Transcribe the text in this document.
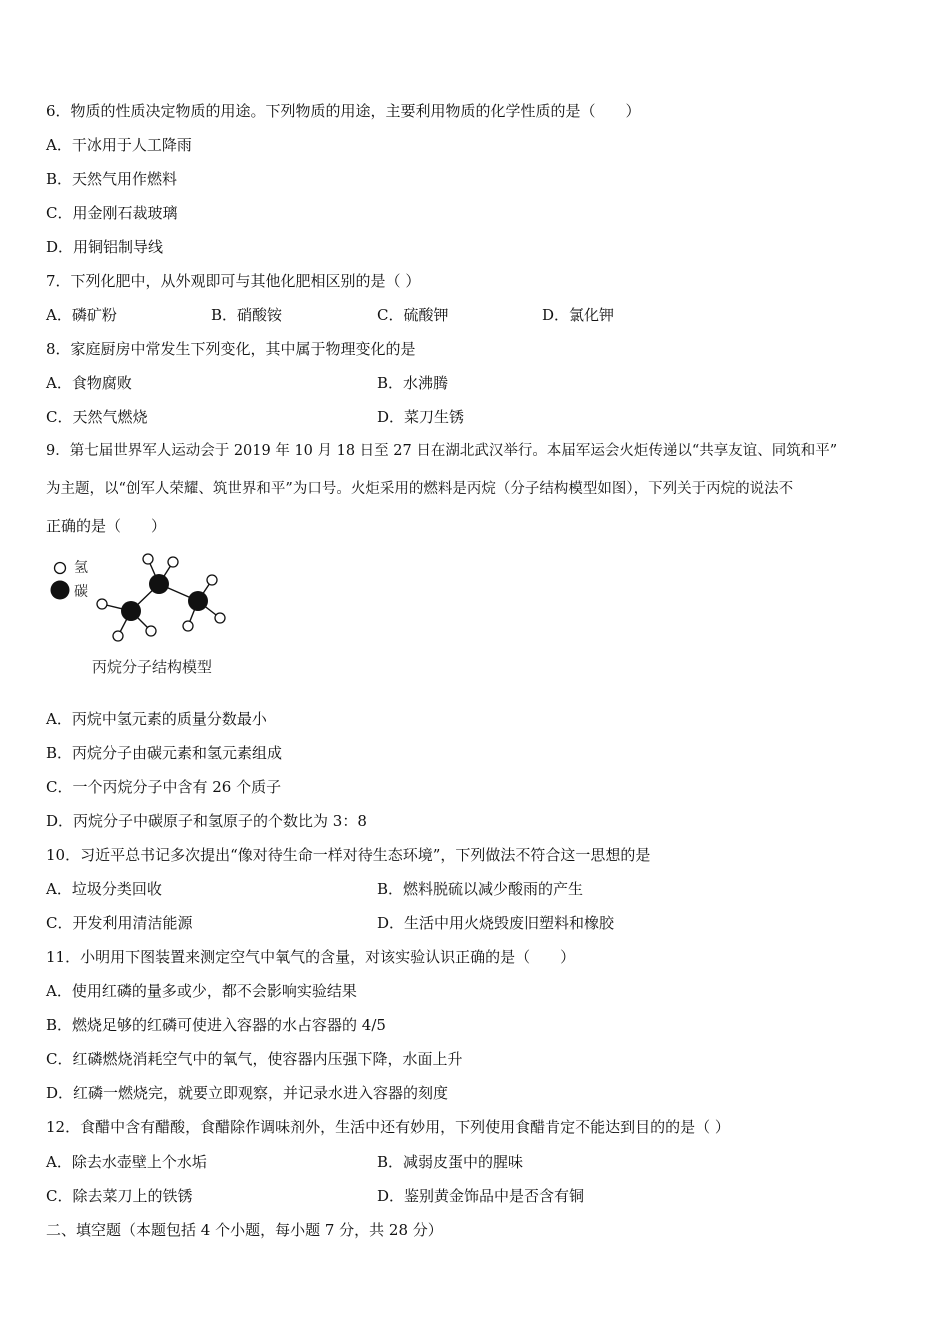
6．物质的性质决定物质的用途。下列物质的用途，主要利用物质的化学性质的是（　　）
A．干冰用于人工降雨
B．天然气用作燃料
C．用金刚石裁玻璃
D．用铜铝制导线
7．下列化肥中，从外观即可与其他化肥相区别的是（ ）
A．磷矿粉	B．硝酸铵	C．硫酸钾	D．氯化钾
8．家庭厨房中常发生下列变化，其中属于物理变化的是
A．食物腐败	B．水沸腾
C．天然气燃烧	D．菜刀生锈
9．第七届世界军人运动会于 2019 年 10 月 18 日至 27 日在湖北武汉举行。本届军运会火炬传递以“共享友谊、同筑和平”
为主题，以“创军人荣耀、筑世界和平”为口号。火炬采用的燃料是丙烷（分子结构模型如图），下列关于丙烷的说法不
正确的是（　　）
氢
碳
丙烷分子结构模型
A．丙烷中氢元素的质量分数最小
B．丙烷分子由碳元素和氢元素组成
C．一个丙烷分子中含有 26 个质子
D．丙烷分子中碳原子和氢原子的个数比为 3：8
10．习近平总书记多次提出“像对待生命一样对待生态环境”，下列做法不符合这一思想的是
A．垃圾分类回收	B．燃料脱硫以减少酸雨的产生
C．开发利用清洁能源	D．生活中用火烧毁废旧塑料和橡胶
11．小明用下图装置来测定空气中氧气的含量，对该实验认识正确的是（　　）
A．使用红磷的量多或少，都不会影响实验结果
B．燃烧足够的红磷可使进入容器的水占容器的 4/5
C．红磷燃烧消耗空气中的氧气，使容器内压强下降，水面上升
D．红磷一燃烧完，就要立即观察，并记录水进入容器的刻度
12．食醋中含有醋酸，食醋除作调味剂外，生活中还有妙用，下列使用食醋肯定不能达到目的的是（ ）
A．除去水壶壁上个水垢	B．减弱皮蛋中的腥味
C．除去菜刀上的铁锈	D．鉴别黄金饰品中是否含有铜
二、填空题（本题包括 4 个小题，每小题 7 分，共 28 分）
